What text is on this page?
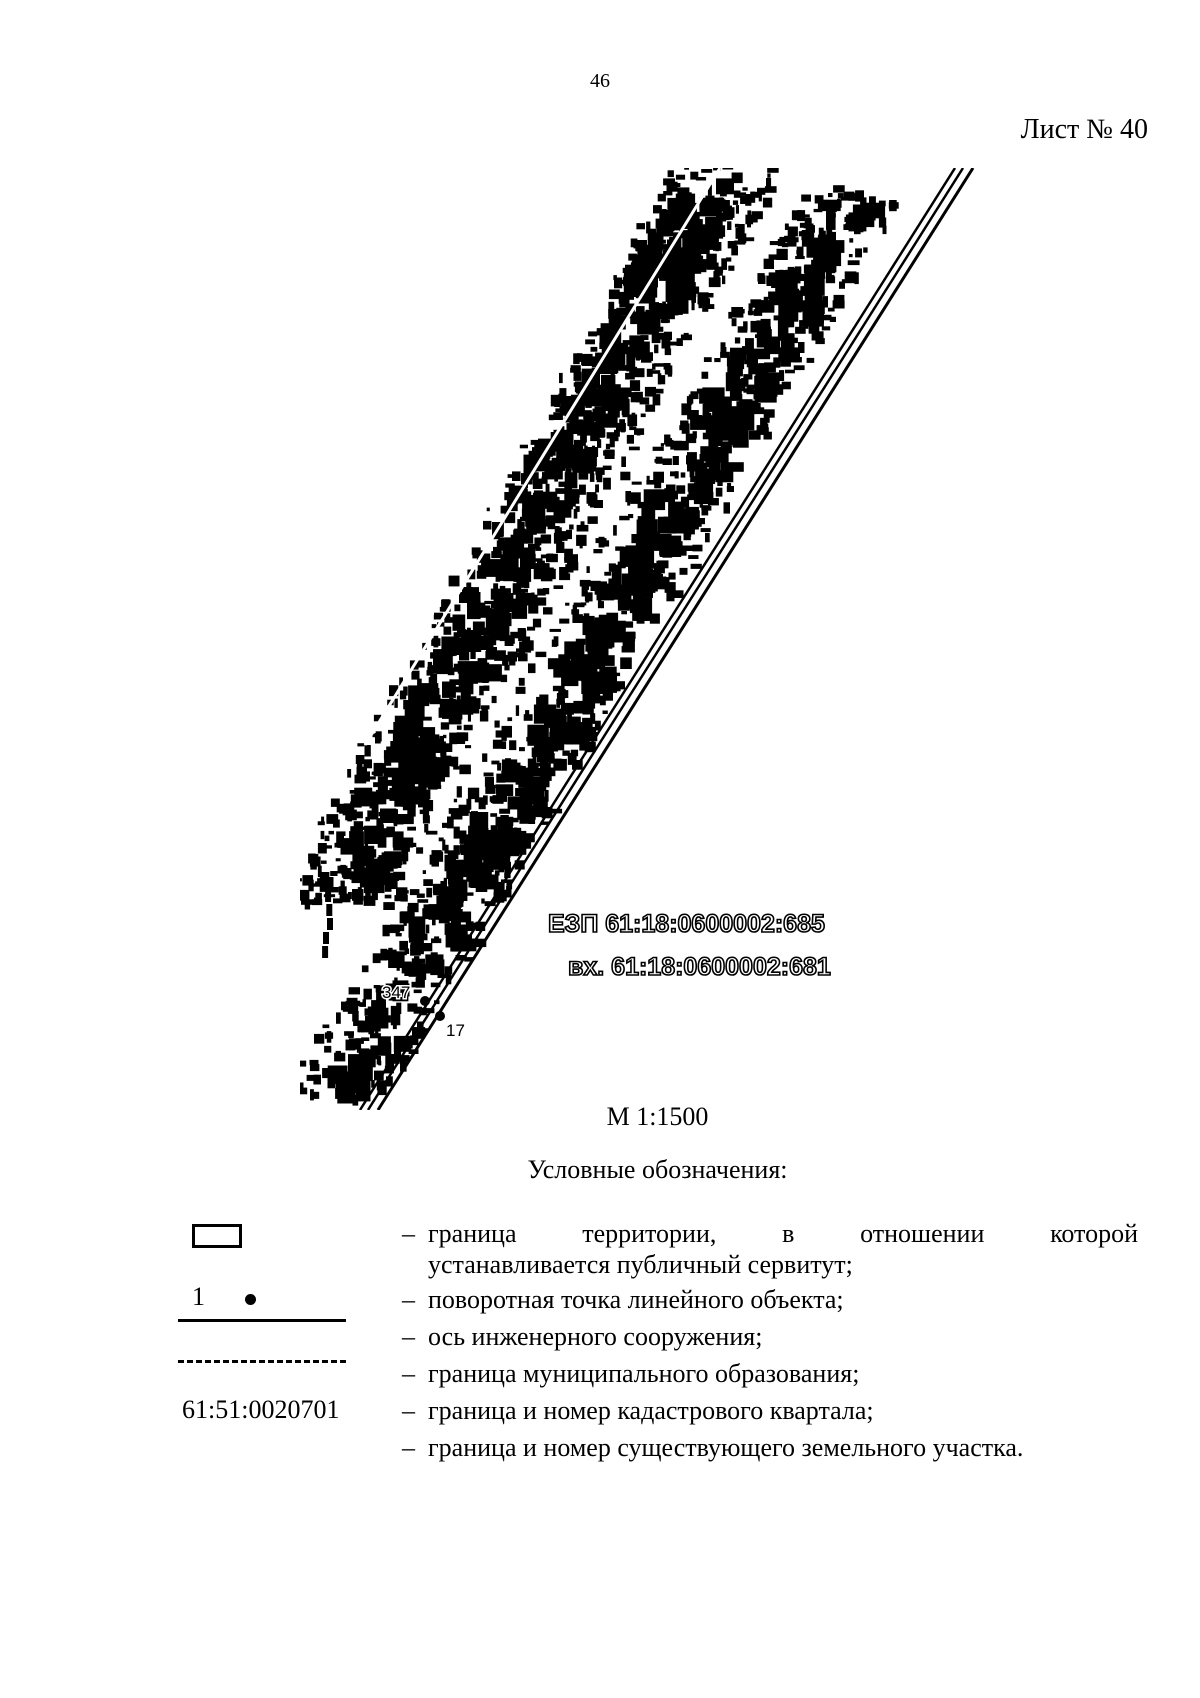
46
Лист № 40
347
17
ЕЗП 61:18:0600002:685
вх. 61:18:0600002:681
М 1:1500
Условные обозначения:
– граница территории, в отношении которой
устанавливается публичный сервитут;
1	– поворотная точка линейного объекта;
– ось инженерного сооружения;
– граница муниципального образования;
61:51:0020701 – граница и номер кадастрового квартала;
– граница и номер существующего земельного участка.
